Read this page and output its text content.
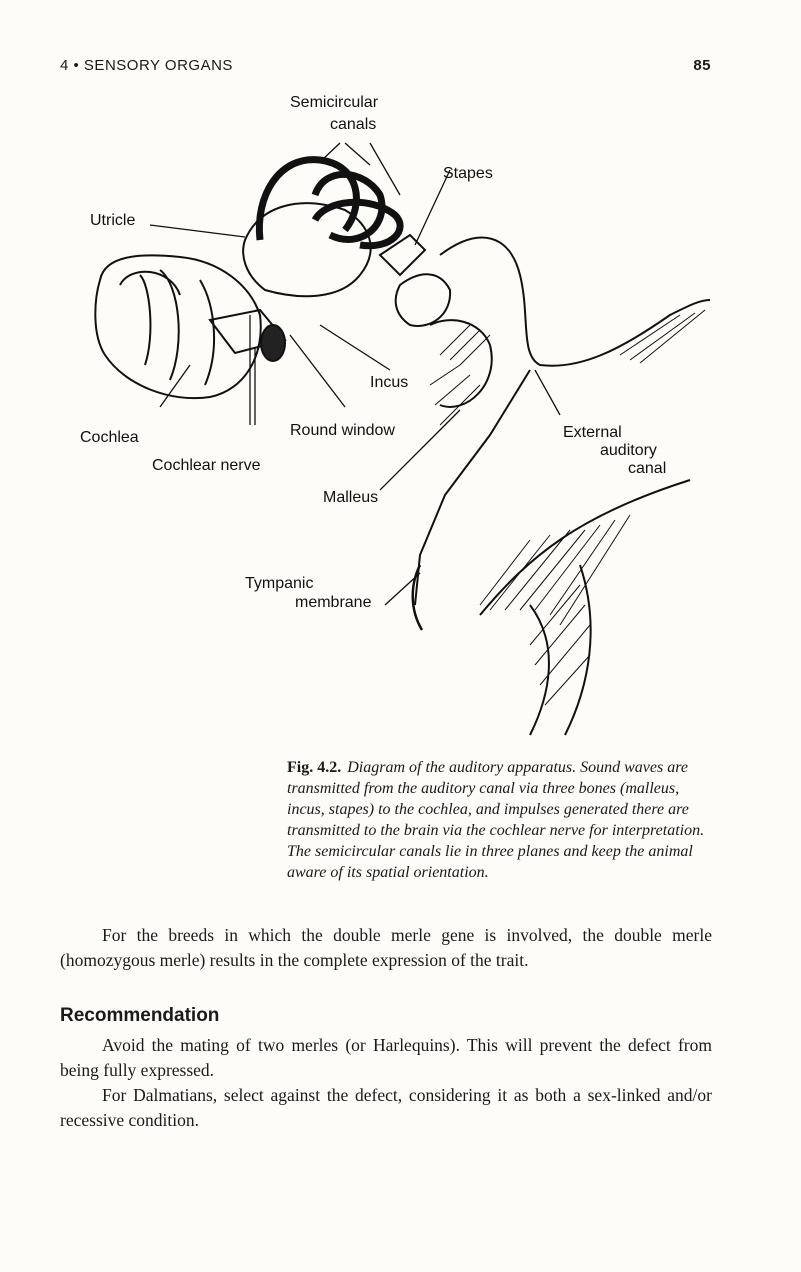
4 • SENSORY ORGANS	85
Semicircular
canals
Stapes
Utricle
Incus
Cochlea	Round window
Cochlear nerve
External
auditory
canal
Malleus
Tympanic
membrane
Fig. 4.2. Diagram of the auditory apparatus. Sound waves are transmitted from the auditory canal via three bones (malleus, incus, stapes) to the cochlea, and impulses generated there are transmitted to the brain via the cochlear nerve for interpretation. The semicircular canals lie in three planes and keep the animal aware of its spatial orientation.

For the breeds in which the double merle gene is involved, the double merle (homozygous merle) results in the complete expression of the trait.

Recommendation

Avoid the mating of two merles (or Harlequins). This will prevent the defect from being fully expressed.

For Dalmatians, select against the defect, considering it as both a sex-linked and/or recessive condition.
